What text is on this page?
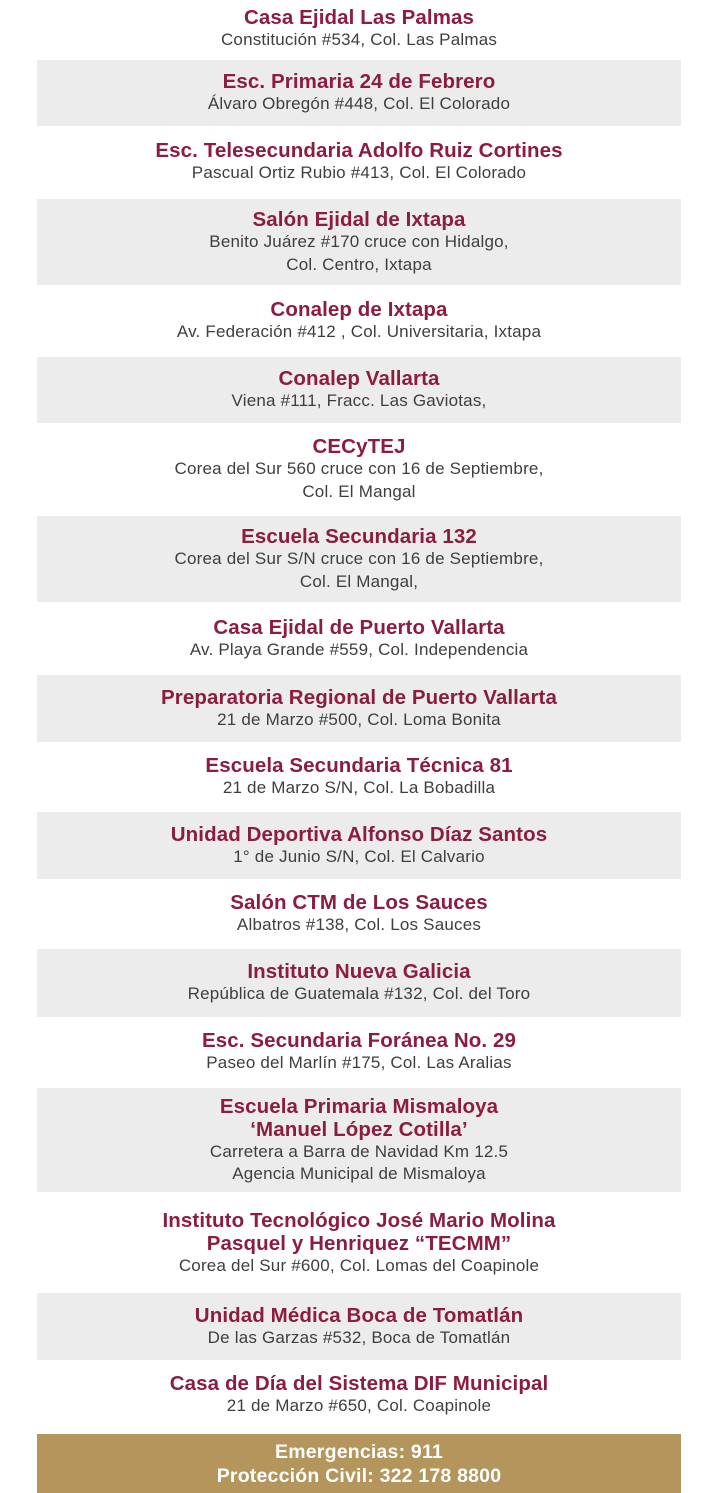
Casa Ejidal Las Palmas
Constitución #534, Col. Las Palmas
Esc. Primaria 24 de Febrero
Álvaro Obregón #448, Col. El Colorado
Esc. Telesecundaria Adolfo Ruiz Cortines
Pascual Ortiz Rubio #413, Col. El Colorado
Salón Ejidal de Ixtapa
Benito Juárez #170 cruce con Hidalgo,
Col. Centro, Ixtapa
Conalep de Ixtapa
Av. Federación #412 , Col. Universitaria, Ixtapa
Conalep Vallarta
Viena #111, Fracc. Las Gaviotas,
CECyTEJ
Corea del Sur 560 cruce con 16 de Septiembre,
Col. El Mangal
Escuela Secundaria 132
Corea del Sur S/N cruce con 16 de Septiembre,
Col. El Mangal,
Casa Ejidal de Puerto Vallarta
Av. Playa Grande #559, Col. Independencia
Preparatoria Regional de Puerto Vallarta
21 de Marzo #500, Col. Loma Bonita
Escuela Secundaria Técnica 81
21 de Marzo S/N, Col. La Bobadilla
Unidad Deportiva Alfonso Díaz Santos
1° de Junio S/N, Col. El Calvario
Salón CTM de Los Sauces
Albatros #138, Col. Los Sauces
Instituto Nueva Galicia
República de Guatemala #132, Col. del Toro
Esc. Secundaria Foránea No. 29
Paseo del Marlín #175, Col. Las Aralias
Escuela Primaria Mismaloya
‘Manuel López Cotilla’
Carretera a Barra de Navidad Km 12.5
Agencia Municipal de Mismaloya
Instituto Tecnológico José Mario Molina
Pasquel y Henriquez “TECMM”
Corea del Sur #600, Col. Lomas del Coapinole
Unidad Médica Boca de Tomatlán
De las Garzas #532, Boca de Tomatlán
Casa de Día del Sistema DIF Municipal
21 de Marzo #650, Col. Coapinole
Emergencias: 911
Protección Civil: 322 178 8800
